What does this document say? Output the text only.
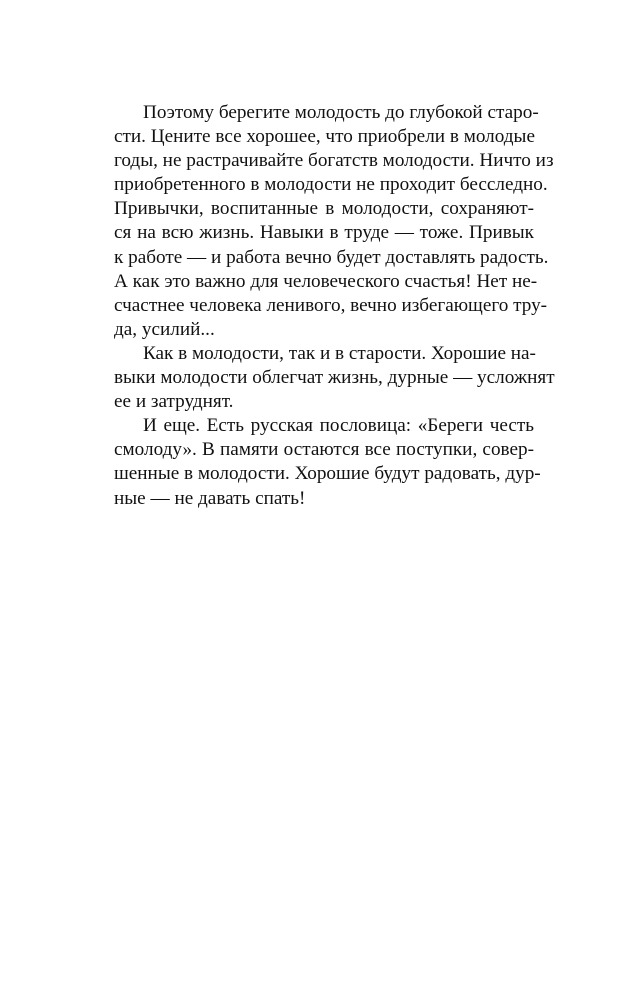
Поэтому берегите молодость до глубокой старо-
сти. Цените все хорошее, что приобрели в молодые
годы, не растрачивайте богатств молодости. Ничто из
приобретенного в молодости не проходит бесследно.
Привычки, воспитанные в молодости, сохраняют-
ся на всю жизнь. Навыки в труде — тоже. Привык
к работе — и работа вечно будет доставлять радость.
А как это важно для человеческого счастья! Нет не-
счастнее человека ленивого, вечно избегающего тру-
да, усилий...

Как в молодости, так и в старости. Хорошие на-
выки молодости облегчат жизнь, дурные — усложнят
ее и затруднят.

И еще. Есть русская пословица: «Береги честь
смолоду». В памяти остаются все поступки, совер-
шенные в молодости. Хорошие будут радовать, дур-
ные — не давать спать!
